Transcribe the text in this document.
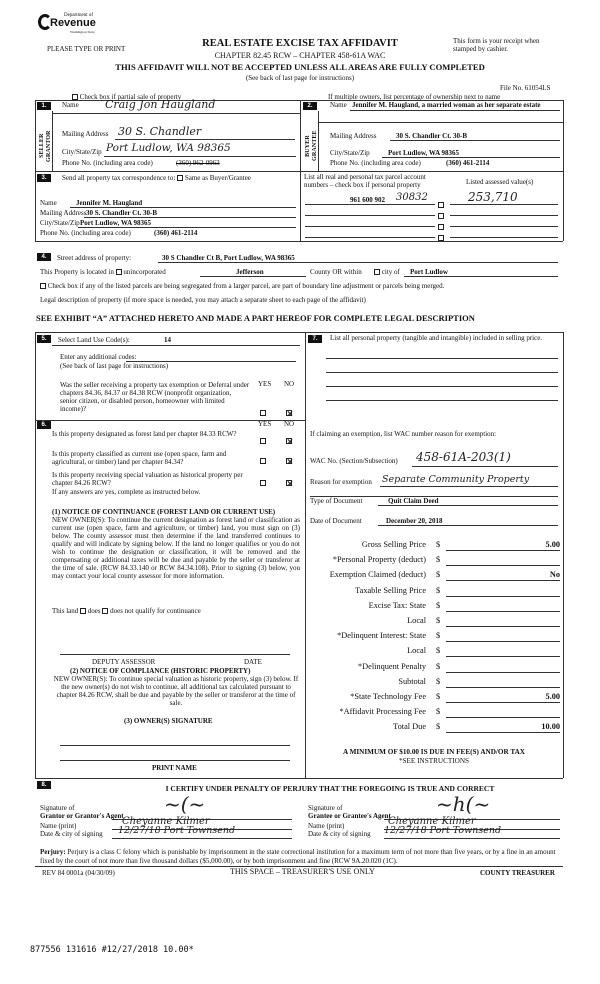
Department of
Revenue
Washington State
PLEASE TYPE OR PRINT	REAL ESTATE EXCISE TAX AFFIDAVIT
CHAPTER 82.45 RCW – CHAPTER 458-61A WAC
THIS AFFIDAVIT WILL NOT BE ACCEPTED UNLESS ALL AREAS ARE FULLY COMPLETED
(See back of last page for instructions)
This form is your receipt when stamped by cashier.
File No. 61054LS
Check box if partial sale of property	If multiple owners, list percentage of ownership next to name
1.
SELLER GRANTOR
Name Craig Jon Haugland
Mailing Address 30 S. Chandler
City/State/Zip Port Ludlow, WA 98365
Phone No. (including area code)	(360) 962-0963
2.
BUYER GRANTEE
Name Jennifer M. Haugland, a married woman as her separate estate
Mailing Address	30 S. Chandler Ct. 30-B
City/State/Zip	Port Ludlow, WA 98365
Phone No. (including area code)	(360) 461-2114
3.	Send all property tax correspondence to: Same as Buyer/Grantee
Name	Jennifer M. Haugland
Mailing Address 30 S. Chandler Ct. 30-B
City/State/Zip Port Ludlow, WA 98365
Phone No. (including area code)	(360) 461-2114
List all real and personal tax parcel account numbers – check box if personal property	Listed assessed value(s)
961 600 902 30832	253,710
4.	Street address of property:	30 S Chandler Ct B, Port Ludlow, WA 98365
This Property is located in unincorporated	Jefferson	County OR within	city of Port Ludlow
Check box if any of the listed parcels are being segregated from a larger parcel, are part of boundary line adjustment or parcels being merged.
Legal description of property (if more space is needed, you may attach a separate sheet to each page of the affidavit)
SEE EXHIBIT “A” ATTACHED HERETO AND MADE A PART HEREOF FOR COMPLETE LEGAL DESCRIPTION
5.	Select Land Use Code(s):	14
Enter any additional codes:
(See back of last page for instructions)
YES NO
Was the seller receiving a property tax exemption or Deferral under chapters 84.36, 84.37 or 84.38 RCW (nonprofit organization, senior citizen, or disabled person, homeowner with limited income)?
6.	YES NO
Is this property designated as forest land per chapter 84.33 RCW?
Is this property classified as current use (open space, farm and agricultural, or timber) land per chapter 84.34?
Is this property receiving special valuation as historical property per chapter 84.26 RCW?
If any answers are yes, complete as instructed below.
(1) NOTICE OF CONTINUANCE (FOREST LAND OR CURRENT USE)
NEW OWNER(S): To continue the current designation as forest land or classification as current use (open space, farm and agriculture, or timber) land, you must sign on (3) below. The county assessor must then determine if the land transferred continues to qualify and will indicate by signing below. If the land no longer qualifies or you do not wish to continue the designation or classification, it will be removed and the compensating or additional taxes will be due and payable by the seller or transferor at the time of sale. (RCW 84.33.140 or RCW 84.34.108). Prior to signing (3) below, you may contact your local county assessor for more information.
This land does does not qualify for continuance
DEPUTY ASSESSOR	DATE
(2) NOTICE OF COMPLIANCE (HISTORIC PROPERTY)
NEW OWNER(S): To continue special valuation as historic property, sign (3) below. If the new owner(s) do not wish to continue, all additional tax calculated pursuant to chapter 84.26 RCW, shall be due and payable by the seller or transferor at the time of sale.
(3) OWNER(S) SIGNATURE
PRINT NAME
7.	List all personal property (tangible and intangible) included in selling price.
If claiming an exemption, list WAC number reason for exemption:
WAC No. (Section/Subsection) 458-61A-203(1)
Reason for exemption Separate Community Property
Type of Document	Quit Claim Deed
Date of Document	December 20, 2018
Gross Selling Price $	5.00
*Personal Property (deduct) $
Exemption Claimed (deduct) $	No
Taxable Selling Price $
Excise Tax: State $
Local $
*Delinquent Interest: State $
Local $
*Delinquent Penalty $
Subtotal $
*State Technology Fee $	5.00
*Affidavit Processing Fee $
Total Due $	10.00
A MINIMUM OF $10.00 IS DUE IN FEE(S) AND/OR TAX
*SEE INSTRUCTIONS
8.	I CERTIFY UNDER PENALTY OF PERJURY THAT THE FOREGOING IS TRUE AND CORRECT
Signature of
Grantor or Grantor's Agent ~(~
Name (print)	Cheyanne Kilmer
Date & city of signing 12/27/18 Port Townsend
Signature of
Grantee or Grantee's Agent ~h(~
Name (print)	Cheyanne Kilmer
Date & city of signing 12/27/18 Port Townsend
Perjury: Perjury is a class C felony which is punishable by imprisonment in the state correctional institution for a maximum term of not more than five years, or by a fine in an amount fixed by the court of not more than five thousand dollars ($5,000.00), or by both imprisonment and fine (RCW 9A.20.020 (1C).
REV 84 0001a (04/30/09)	THIS SPACE – TREASURER'S USE ONLY	COUNTY TREASURER
877556 131616 #12/27/2018 10.00*
